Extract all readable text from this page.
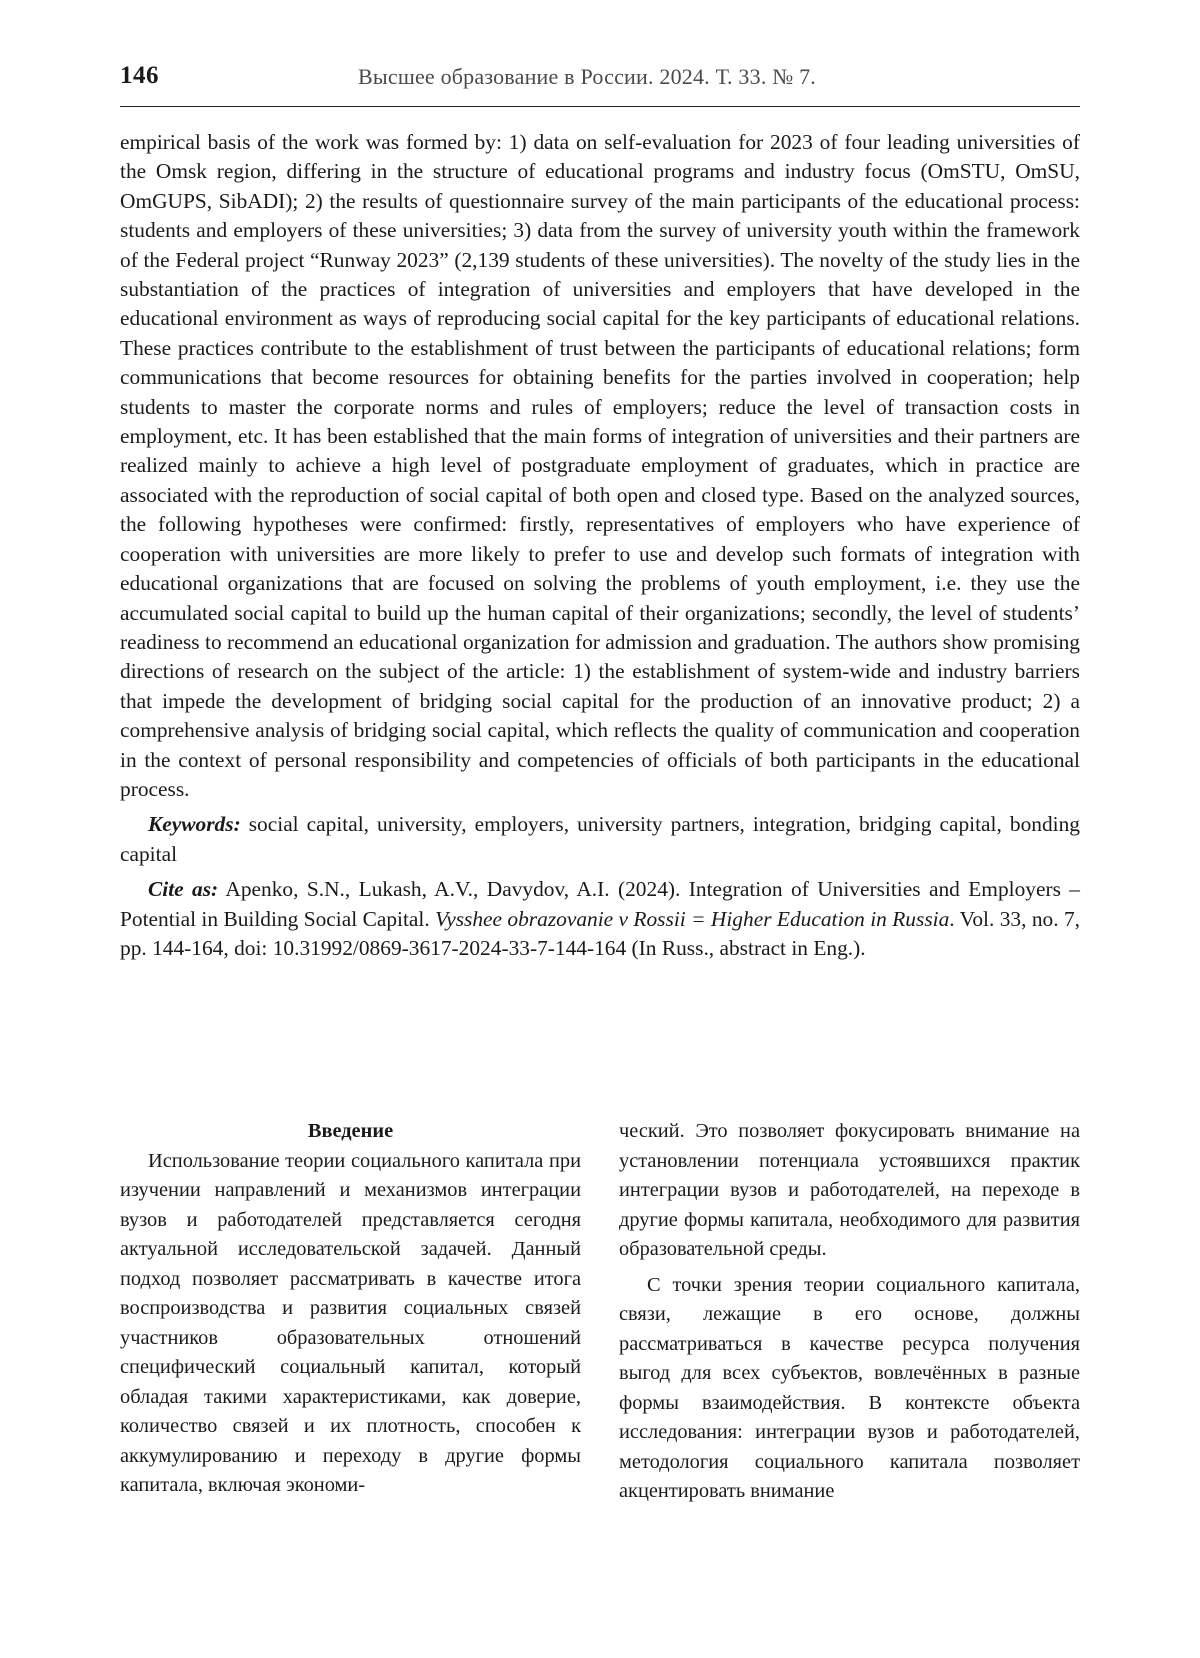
146	Высшее образование в России. 2024. Т. 33. № 7.

empirical basis of the work was formed by: 1) data on self-evaluation for 2023 of four leading universities of the Omsk region, differing in the structure of educational programs and industry focus (OmSTU, OmSU, OmGUPS, SibADI); 2) the results of questionnaire survey of the main participants of the educational process: students and employers of these universities; 3) data from the survey of university youth within the framework of the Federal project “Runway 2023” (2,139 students of these universities). The novelty of the study lies in the substantiation of the practices of integration of universities and employers that have developed in the educational environment as ways of reproducing social capital for the key participants of educational relations. These practices contribute to the establishment of trust between the participants of educational relations; form communications that become resources for obtaining benefits for the parties involved in cooperation; help students to master the corporate norms and rules of employers; reduce the level of transaction costs in employment, etc. It has been established that the main forms of integration of universities and their partners are realized mainly to achieve a high level of postgraduate employment of graduates, which in practice are associated with the reproduction of social capital of both open and closed type. Based on the analyzed sources, the following hypotheses were confirmed: firstly, representatives of employers who have experience of cooperation with universities are more likely to prefer to use and develop such formats of integration with educational organizations that are focused on solving the problems of youth employment, i.e. they use the accumulated social capital to build up the human capital of their organizations; secondly, the level of students’ readiness to recommend an educational organization for admission and graduation. The authors show promising directions of research on the subject of the article: 1) the establishment of system-wide and industry barriers that impede the development of bridging social capital for the production of an innovative product; 2) a comprehensive analysis of bridging social capital, which reflects the quality of communication and cooperation in the context of personal responsibility and competencies of officials of both participants in the educational process.

Keywords: social capital, university, employers, university partners, integration, bridging capital, bonding capital

Cite as: Apenko, S.N., Lukash, A.V., Davydov, A.I. (2024). Integration of Universities and Employers – Potential in Building Social Capital. Vysshee obrazovanie v Rossii = Higher Education in Russia. Vol. 33, no. 7, pp. 144-164, doi: 10.31992/0869-3617-2024-33-7-144-164 (In Russ., abstract in Eng.).

Введение

Использование теории социального капитала при изучении направлений и механизмов интеграции вузов и работодателей представляется сегодня актуальной исследовательской задачей. Данный подход позволяет рассматривать в качестве итога воспроизводства и развития социальных связей участников образовательных отношений специфический социальный капитал, который обладая такими характеристиками, как доверие, количество связей и их плотность, способен к аккумулированию и переходу в другие формы капитала, включая экономи-

ческий. Это позволяет фокусировать внимание на установлении потенциала устоявшихся практик интеграции вузов и работодателей, на переходе в другие формы капитала, необходимого для развития образовательной среды.

С точки зрения теории социального капитала, связи, лежащие в его основе, должны рассматриваться в качестве ресурса получения выгод для всех субъектов, вовлечённых в разные формы взаимодействия. В контексте объекта исследования: интеграции вузов и работодателей, методология социального капитала позволяет акцентировать внимание
